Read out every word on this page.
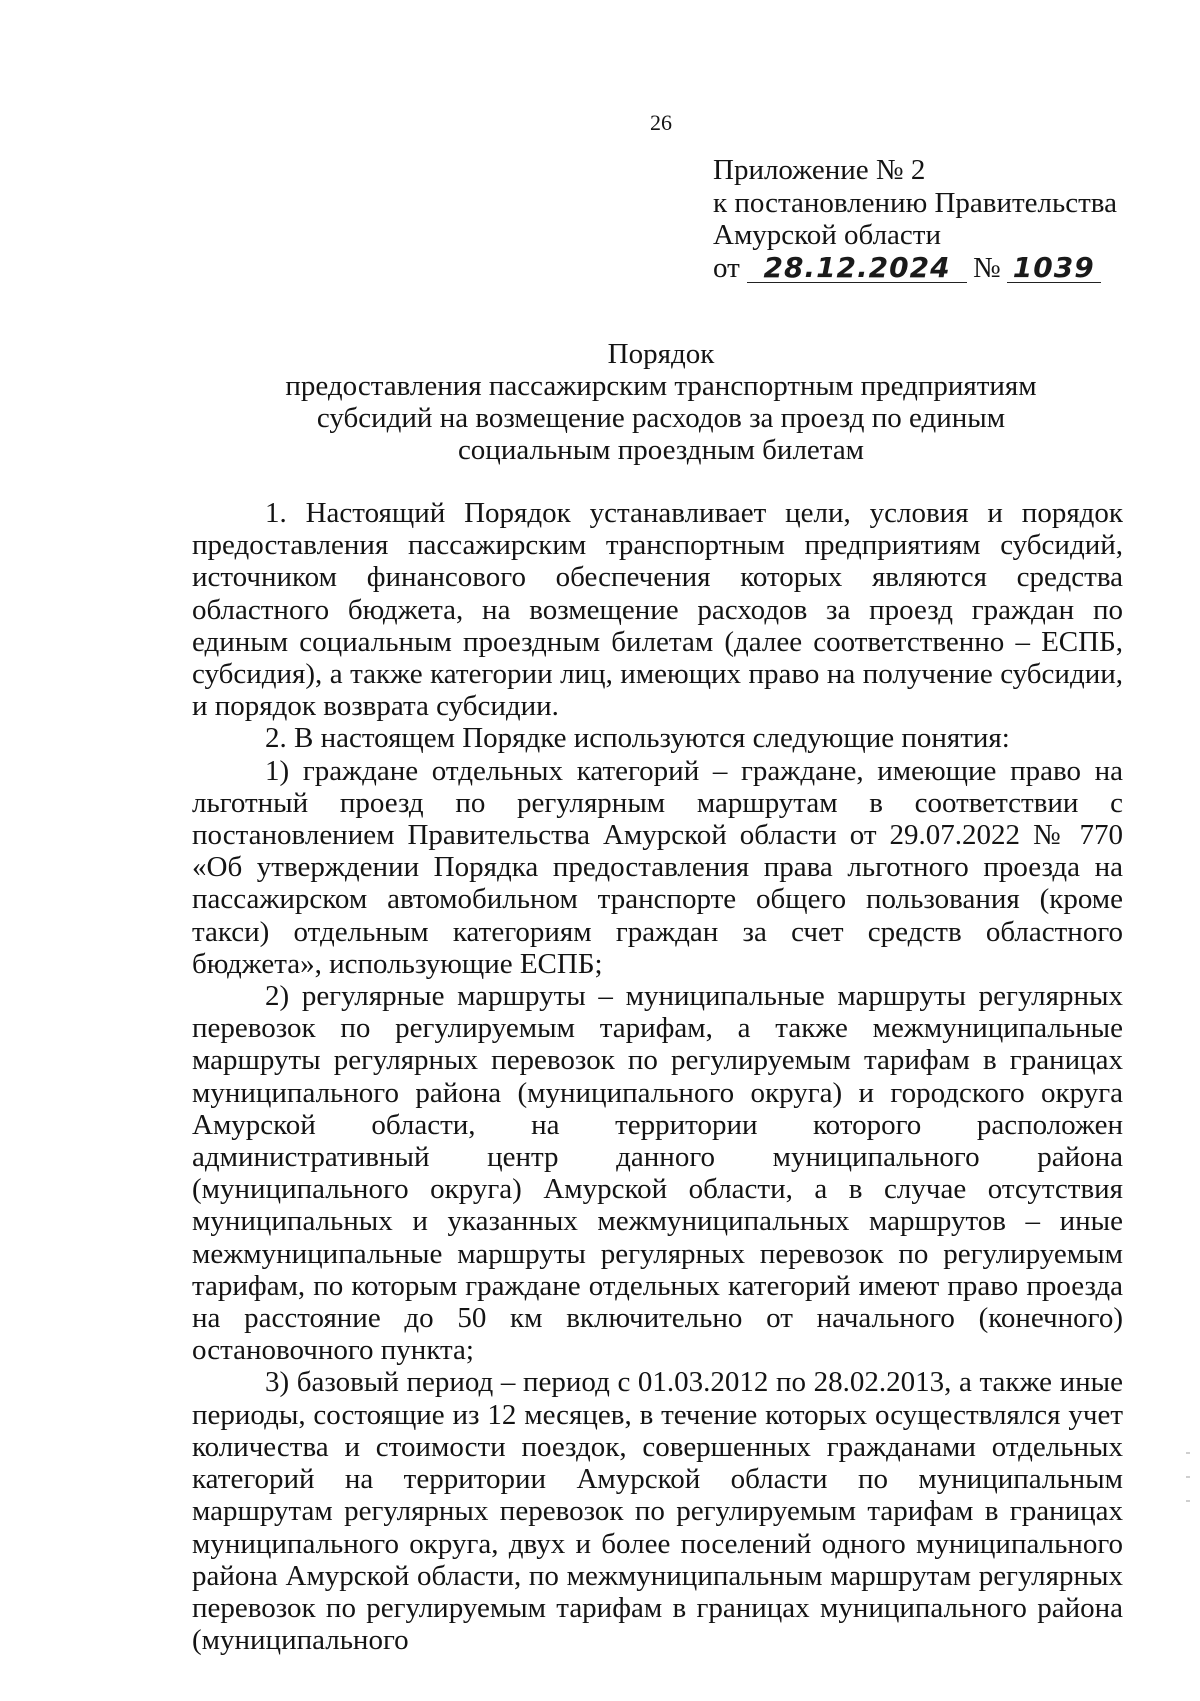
26
Приложение № 2
к постановлению Правительства
Амурской области
от 28.12.2024 № 1039
Порядок
предоставления пассажирским транспортным предприятиям
субсидий на возмещение расходов за проезд по единым
социальным проездным билетам

1. Настоящий Порядок устанавливает цели, условия и порядок предоставления пассажирским транспортным предприятиям субсидий, источником финансового обеспечения которых являются средства областного бюджета, на возмещение расходов за проезд граждан по единым социальным проездным билетам (далее соответственно – ЕСПБ, субсидия), а также категории лиц, имеющих право на получение субсидии, и порядок возврата субсидии.

2. В настоящем Порядке используются следующие понятия:

1) граждане отдельных категорий – граждане, имеющие право на льготный проезд по регулярным маршрутам в соответствии с постановлением Правительства Амурской области от 29.07.2022 № 770 «Об утверждении Порядка предоставления права льготного проезда на пассажирском автомобильном транспорте общего пользования (кроме такси) отдельным категориям граждан за счет средств областного бюджета», использующие ЕСПБ;

2) регулярные маршруты – муниципальные маршруты регулярных перевозок по регулируемым тарифам, а также межмуниципальные маршруты регулярных перевозок по регулируемым тарифам в границах муниципального района (муниципального округа) и городского округа Амурской области, на территории которого расположен административный центр данного муниципального района (муниципального округа) Амурской области, а в случае отсутствия муниципальных и указанных межмуниципальных маршрутов – иные межмуниципальные маршруты регулярных перевозок по регулируемым тарифам, по которым граждане отдельных категорий имеют право проезда на расстояние до 50 км включительно от начального (конечного) остановочного пункта;

3) базовый период – период с 01.03.2012 по 28.02.2013, а также иные периоды, состоящие из 12 месяцев, в течение которых осуществлялся учет количества и стоимости поездок, совершенных гражданами отдельных категорий на территории Амурской области по муниципальным маршрутам регулярных перевозок по регулируемым тарифам в границах муниципального округа, двух и более поселений одного муниципального района Амурской области, по межмуниципальным маршрутам регулярных перевозок по регулируемым тарифам в границах муниципального района (муниципального
